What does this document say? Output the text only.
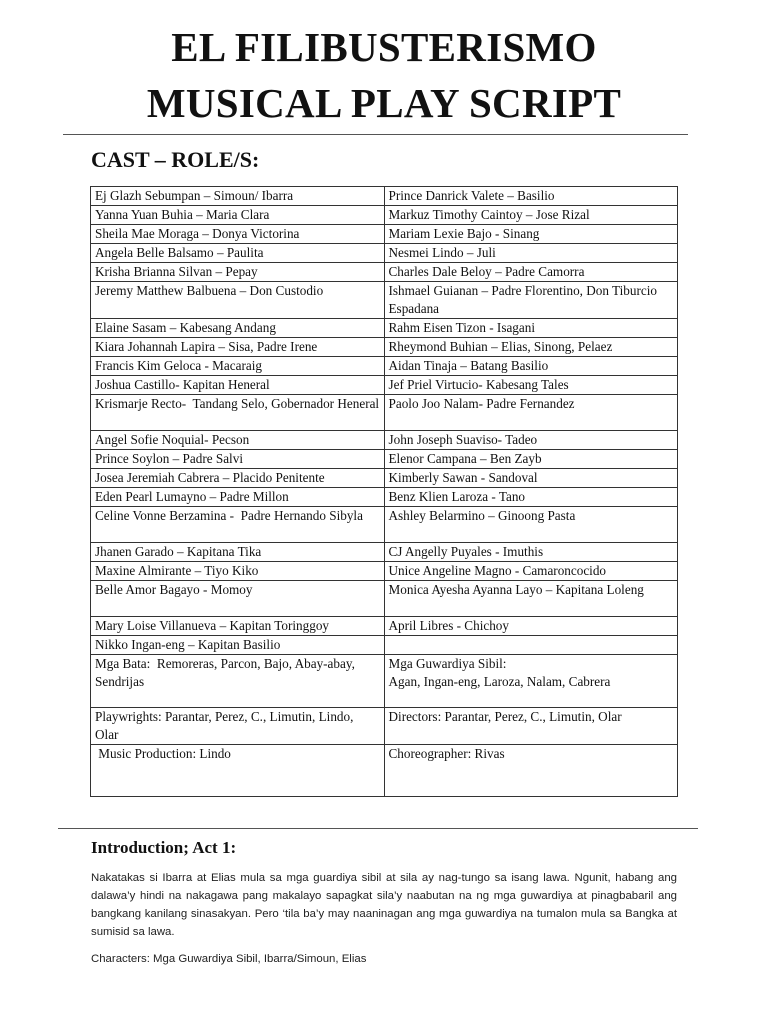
EL FILIBUSTERISMO
MUSICAL PLAY SCRIPT
CAST – ROLE/S:
Ej Glazh Sebumpan – Simoun/ Ibarra	Prince Danrick Valete – Basilio
Yanna Yuan Buhia – Maria Clara	Markuz Timothy Caintoy – Jose Rizal
Sheila Mae Moraga – Donya Victorina	Mariam Lexie Bajo - Sinang
Angela Belle Balsamo – Paulita	Nesmei Lindo – Juli
Krisha Brianna Silvan – Pepay	Charles Dale Beloy – Padre Camorra
Jeremy Matthew Balbuena – Don Custodio	Ishmael Guianan – Padre Florentino, Don Tiburcio Espadana
Elaine Sasam – Kabesang Andang	Rahm Eisen Tizon - Isagani
Kiara Johannah Lapira – Sisa, Padre Irene	Rheymond Buhian – Elias, Sinong, Pelaez
Francis Kim Geloca - Macaraig	Aidan Tinaja – Batang Basilio
Joshua Castillo- Kapitan Heneral	Jef Priel Virtucio- Kabesang Tales
Krismarje Recto-  Tandang Selo, Gobernador Heneral	Paolo Joo Nalam- Padre Fernandez
Angel Sofie Noquial- Pecson	John Joseph Suaviso- Tadeo
Prince Soylon – Padre Salvi	Elenor Campana – Ben Zayb
Josea Jeremiah Cabrera – Placido Penitente	Kimberly Sawan - Sandoval
Eden Pearl Lumayno – Padre Millon	Benz Klien Laroza - Tano
Celine Vonne Berzamina -  Padre Hernando Sibyla	Ashley Belarmino – Ginoong Pasta
Jhanen Garado – Kapitana Tika	CJ Angelly Puyales - Imuthis
Maxine Almirante – Tiyo Kiko	Unice Angeline Magno - Camaroncocido
Belle Amor Bagayo - Momoy	Monica Ayesha Ayanna Layo – Kapitana Loleng
Mary Loise Villanueva – Kapitan Toringgoy	April Libres - Chichoy
Nikko Ingan-eng – Kapitan Basilio	
Mga Bata:  Remoreras, Parcon, Bajo, Abay-abay, Sendrijas	Mga Guwardiya Sibil:
Agan, Ingan-eng, Laroza, Nalam, Cabrera
Playwrights: Parantar, Perez, C., Limutin, Lindo, Olar	Directors: Parantar, Perez, C., Limutin, Olar
Music Production: Lindo	Choreographer: Rivas
Introduction; Act 1:

Nakatakas si Ibarra at Elias mula sa mga guardiya sibil at sila ay nag-tungo sa isang lawa. Ngunit, habang ang dalawa’y hindi na nakagawa pang makalayo sapagkat sila’y naabutan na ng mga guwardiya at pinagbabaril ang bangkang kanilang sinasakyan. Pero ‘tila ba’y may naaninagan ang mga guwardiya na tumalon mula sa Bangka at sumisid sa lawa.

Characters: Mga Guwardiya Sibil, Ibarra/Simoun, Elias
